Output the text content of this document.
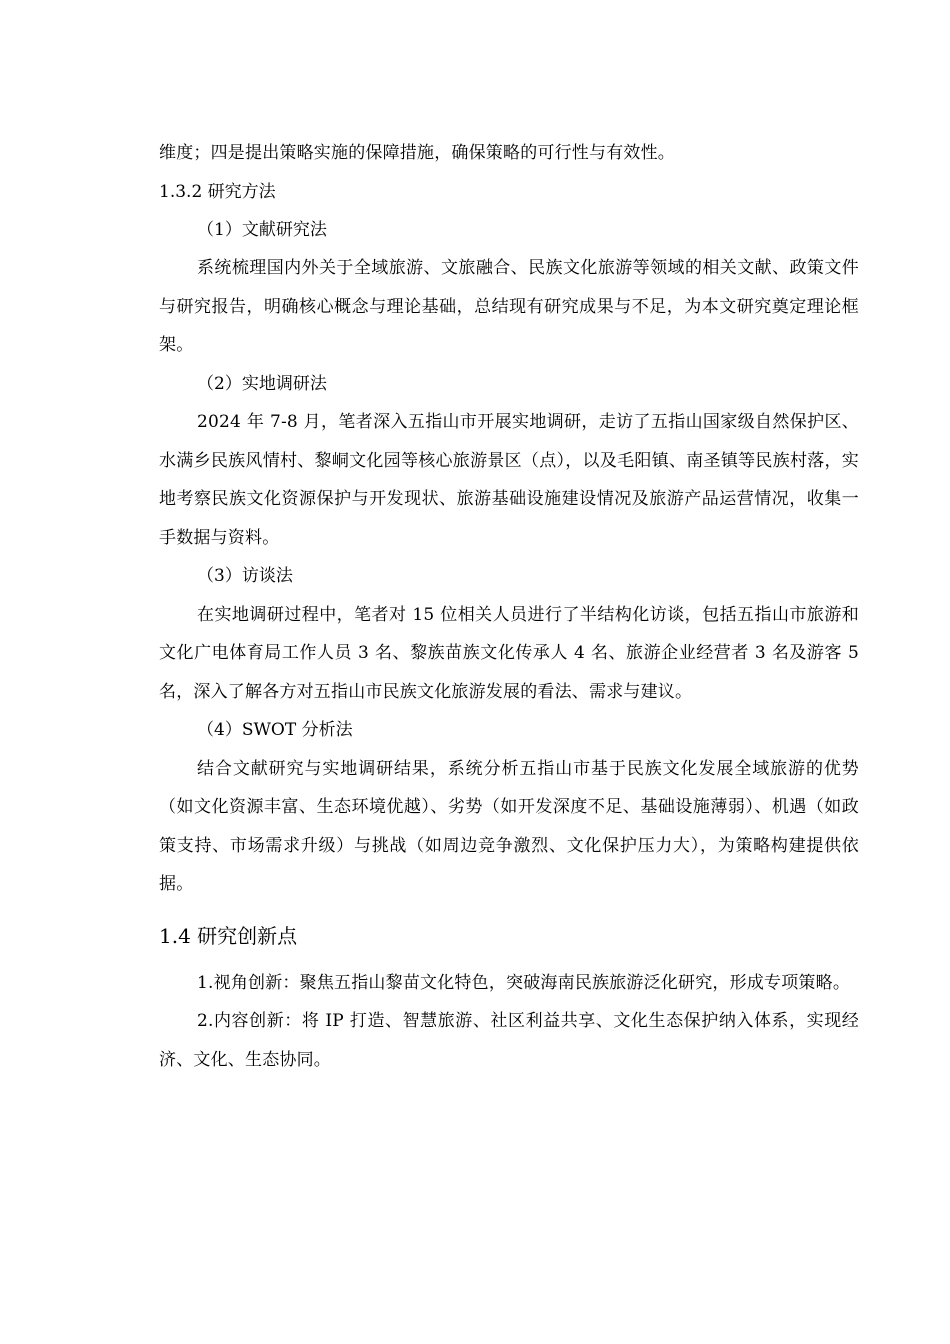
维度；四是提出策略实施的保障措施，确保策略的可行性与有效性。

1.3.2 研究方法

（1）文献研究法

系统梳理国内外关于全域旅游、文旅融合、民族文化旅游等领域的相关文献、政策文件与研究报告，明确核心概念与理论基础，总结现有研究成果与不足，为本文研究奠定理论框架。

（2）实地调研法

2024 年 7-8 月，笔者深入五指山市开展实地调研，走访了五指山国家级自然保护区、水满乡民族风情村、黎峒文化园等核心旅游景区（点），以及毛阳镇、南圣镇等民族村落，实地考察民族文化资源保护与开发现状、旅游基础设施建设情况及旅游产品运营情况，收集一手数据与资料。

（3）访谈法

在实地调研过程中，笔者对 15 位相关人员进行了半结构化访谈，包括五指山市旅游和文化广电体育局工作人员 3 名、黎族苗族文化传承人 4 名、旅游企业经营者 3 名及游客 5 名，深入了解各方对五指山市民族文化旅游发展的看法、需求与建议。

（4）SWOT 分析法

结合文献研究与实地调研结果，系统分析五指山市基于民族文化发展全域旅游的优势（如文化资源丰富、生态环境优越）、劣势（如开发深度不足、基础设施薄弱）、机遇（如政策支持、市场需求升级）与挑战（如周边竞争激烈、文化保护压力大），为策略构建提供依据。

1.4 研究创新点

1.视角创新：聚焦五指山黎苗文化特色，突破海南民族旅游泛化研究，形成专项策略。

2.内容创新：将 IP 打造、智慧旅游、社区利益共享、文化生态保护纳入体系，实现经济、文化、生态协同。
